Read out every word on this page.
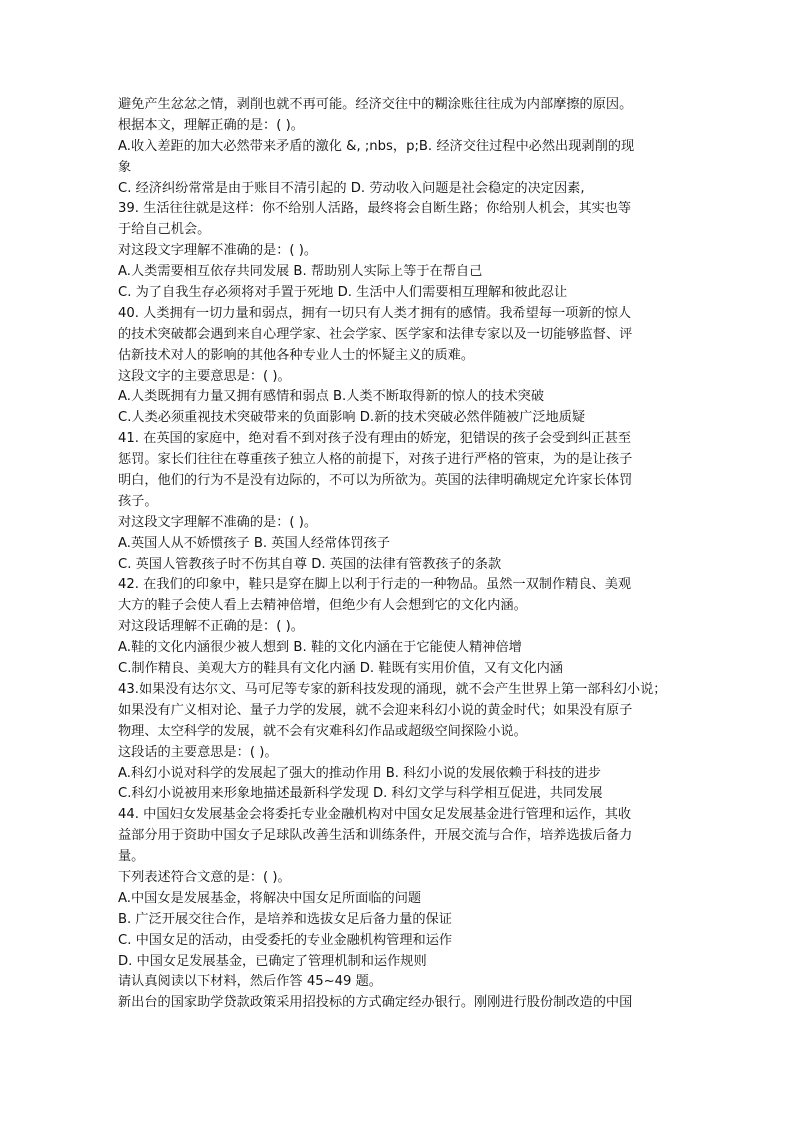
避免产生忿忿之情，剥削也就不再可能。经济交往中的糊涂账往往成为内部摩擦的原因。
根据本文，理解正确的是：( )。
A.收入差距的加大必然带来矛盾的激化 &, ;nbs，p;B. 经济交往过程中必然出现剥削的现
象
C. 经济纠纷常常是由于账目不清引起的 D. 劳动收入问题是社会稳定的决定因素,
39. 生活往往就是这样：你不给别人活路，最终将会自断生路；你给别人机会，其实也等
于给自己机会。
对这段文字理解不准确的是：( )。
A.人类需要相互依存共同发展 B. 帮助别人实际上等于在帮自己
C. 为了自我生存必须将对手置于死地 D. 生活中人们需要相互理解和彼此忍让
40. 人类拥有一切力量和弱点，拥有一切只有人类才拥有的感情。我希望每一项新的惊人
的技术突破都会遇到来自心理学家、社会学家、医学家和法律专家以及一切能够监督、评
估新技术对人的影响的其他各种专业人士的怀疑主义的质难。
这段文字的主要意思是：( )。
A.人类既拥有力量又拥有感情和弱点 B.人类不断取得新的惊人的技术突破
C.人类必须重视技术突破带来的负面影响 D.新的技术突破必然伴随被广泛地质疑
41. 在英国的家庭中，绝对看不到对孩子没有理由的娇宠，犯错误的孩子会受到纠正甚至
惩罚。家长们往往在尊重孩子独立人格的前提下，对孩子进行严格的管束，为的是让孩子
明白，他们的行为不是没有边际的，不可以为所欲为。英国的法律明确规定允许家长体罚
孩子。
对这段文字理解不准确的是：( )。
A.英国人从不娇惯孩子 B. 英国人经常体罚孩子
C. 英国人管教孩子时不伤其自尊 D. 英国的法律有管教孩子的条款
42. 在我们的印象中，鞋只是穿在脚上以利于行走的一种物品。虽然一双制作精良、美观
大方的鞋子会使人看上去精神倍增，但绝少有人会想到它的文化内涵。
对这段话理解不正确的是：( )。
A.鞋的文化内涵很少被人想到 B. 鞋的文化内涵在于它能使人精神倍增
C.制作精良、美观大方的鞋具有文化内涵 D. 鞋既有实用价值，又有文化内涵
43.如果没有达尔文、马可尼等专家的新科技发现的涌现，就不会产生世界上第一部科幻小说；
如果没有广义相对论、量子力学的发展，就不会迎来科幻小说的黄金时代；如果没有原子
物理、太空科学的发展，就不会有灾难科幻作品或超级空间探险小说。
这段话的主要意思是：( )。
A.科幻小说对科学的发展起了强大的推动作用 B. 科幻小说的发展依赖于科技的进步
C.科幻小说被用来形象地描述最新科学发现 D. 科幻文学与科学相互促进，共同发展
44. 中国妇女发展基金会将委托专业金融机构对中国女足发展基金进行管理和运作，其收
益部分用于资助中国女子足球队改善生活和训练条件，开展交流与合作，培养选拔后备力
量。
下列表述符合文意的是：( )。
A.中国女是发展基金，将解决中国女足所面临的问题
B. 广泛开展交往合作，是培养和选拔女足后备力量的保证
C. 中国女足的活动，由受委托的专业金融机构管理和运作
D. 中国女足发展基金，已确定了管理机制和运作规则
请认真阅读以下材料，然后作答 45~49 题。
新出台的国家助学贷款政策采用招投标的方式确定经办银行。刚刚进行股份制改造的中国
